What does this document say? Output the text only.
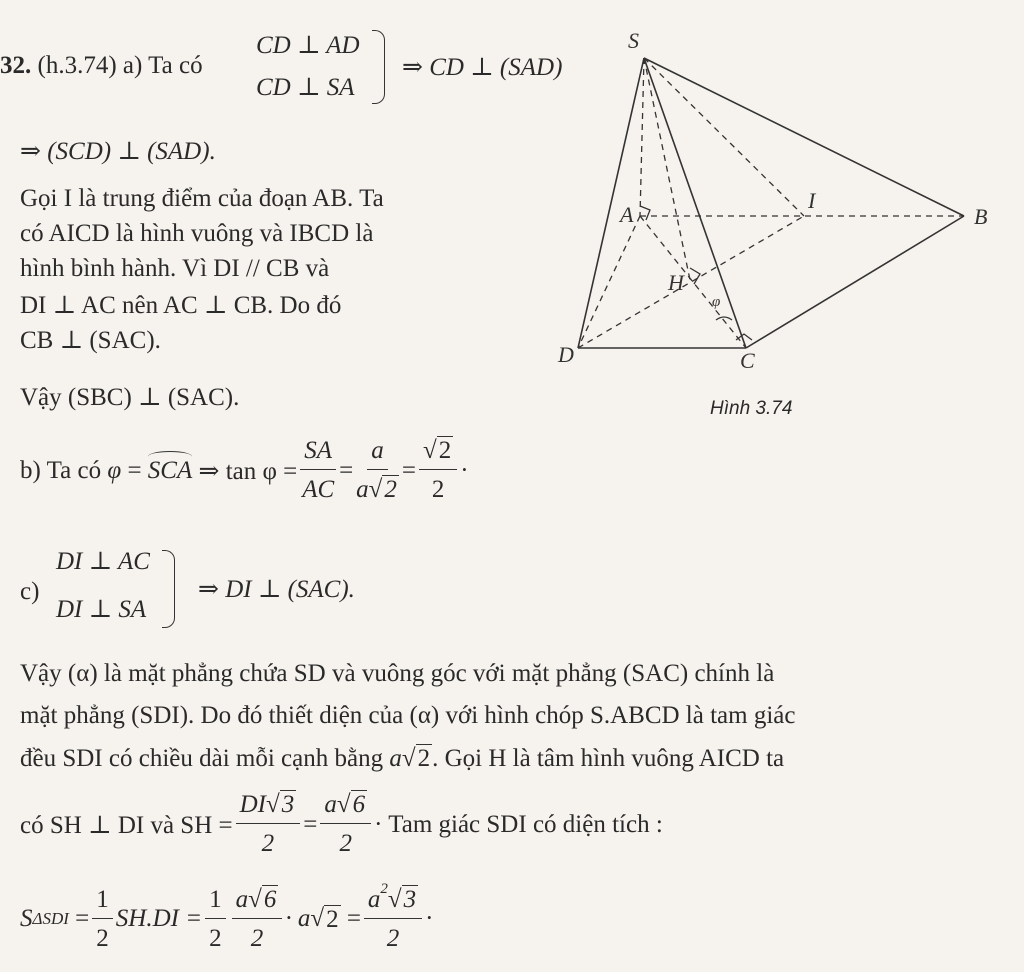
32. (h.3.74) a) Ta có
CD ⊥ AD
CD ⊥ SA
⇒ CD ⊥ (SAD)
⇒ (SCD) ⊥ (SAD).
Gọi I là trung điểm của đoạn AB. Ta
có AICD là hình vuông và IBCD là
hình bình hành. Vì DI // CB và
DI ⊥ AC nên AC ⊥ CB. Do đó
CB ⊥ (SAC).
Vậy (SBC) ⊥ (SAC).
S
A
I
B
H
D	C
φ
Hình 3.74
b) Ta có
φ = SCA
⇒ $\tan \varphi = \frac{SA}{AC} = \frac{a}{a√2} = \frac{√2}{2}$ ·
c)
DI ⊥ AC
DI ⊥ SA
⇒ DI ⊥ (SAC).
Vậy (α) là mặt phẳng chứa SD và vuông góc với mặt phẳng (SAC) chính là
mặt phẳng (SDI). Do đó thiết diện của (α) với hình chóp S.ABCD là tam giác
đều SDI có chiều dài mỗi cạnh bằng
a √ 2 . Gọi H là tâm hình vuông AICD ta
có SH ⊥ DI và SH = $\frac{DI√3}{2} = \frac{a√6}{2}$ · Tam giác SDI có diện tích :
S $\Delta SDI = \frac{1}{2} SH.DI = \frac{1}{2} \frac{a√6}{2} \cdot a$ √ $2 = \frac{a^2√3}{2}$ ·
